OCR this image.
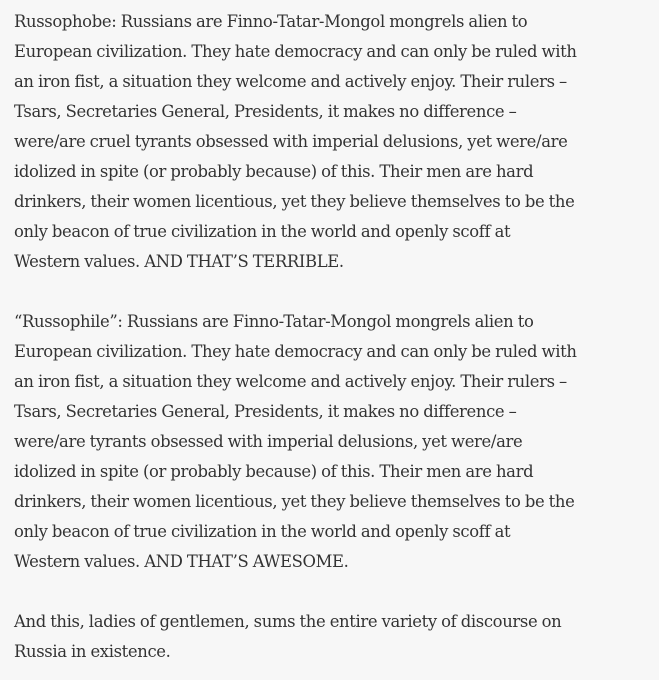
Russophobe: Russians are Finno-Tatar-Mongol mongrels alien to
European civilization. They hate democracy and can only be ruled with
an iron fist, a situation they welcome and actively enjoy. Their rulers –
Tsars, Secretaries General, Presidents, it makes no difference –
were/are cruel tyrants obsessed with imperial delusions, yet were/are
idolized in spite (or probably because) of this. Their men are hard
drinkers, their women licentious, yet they believe themselves to be the
only beacon of true civilization in the world and openly scoff at
Western values. AND THAT’S TERRIBLE.

“Russophile”: Russians are Finno-Tatar-Mongol mongrels alien to
European civilization. They hate democracy and can only be ruled with
an iron fist, a situation they welcome and actively enjoy. Their rulers –
Tsars, Secretaries General, Presidents, it makes no difference –
were/are tyrants obsessed with imperial delusions, yet were/are
idolized in spite (or probably because) of this. Their men are hard
drinkers, their women licentious, yet they believe themselves to be the
only beacon of true civilization in the world and openly scoff at
Western values. AND THAT’S AWESOME.

And this, ladies of gentlemen, sums the entire variety of discourse on
Russia in existence.
